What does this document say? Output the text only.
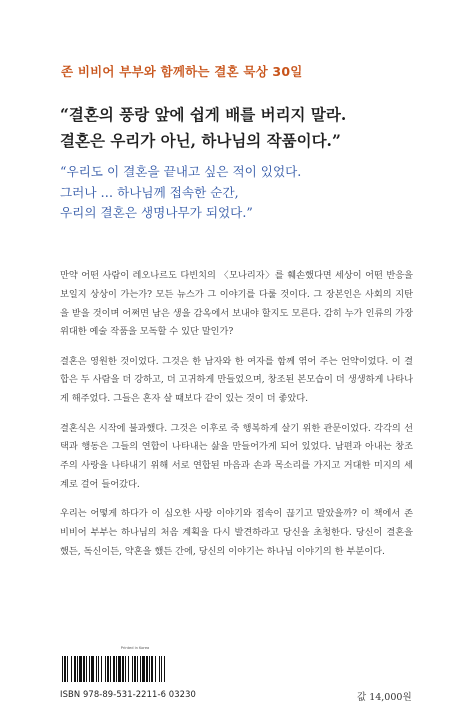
존 비비어 부부와 함께하는 결혼 묵상 30일
“결혼의 풍랑 앞에 쉽게 배를 버리지 말라.
결혼은 우리가 아닌, 하나님의 작품이다.”
“우리도 이 결혼을 끝내고 싶은 적이 있었다.
그러나 … 하나님께 접속한 순간,
우리의 결혼은 생명나무가 되었다.”

만약 어떤 사람이 레오나르도 다빈치의 〈모나리자〉를 훼손했다면 세상이 어떤 반응을 보일지 상상이 가는가? 모든 뉴스가 그 이야기를 다룰 것이다. 그 장본인은 사회의 지탄을 받을 것이며 어쩌면 남은 생을 감옥에서 보내야 할지도 모른다. 감히 누가 인류의 가장 위대한 예술 작품을 모독할 수 있단 말인가?

결혼은 영원한 것이었다. 그것은 한 남자와 한 여자를 함께 엮어 주는 언약이었다. 이 결합은 두 사람을 더 강하고, 더 고귀하게 만들었으며, 창조된 본모습이 더 생생하게 나타나게 해주었다. 그들은 혼자 살 때보다 같이 있는 것이 더 좋았다.

결혼식은 시작에 불과했다. 그것은 이후로 죽 행복하게 살기 위한 관문이었다. 각각의 선택과 행동은 그들의 연합이 나타내는 삶을 만들어가게 되어 있었다. 남편과 아내는 창조주의 사랑을 나타내기 위해 서로 연합된 마음과 손과 목소리를 가지고 거대한 미지의 세계로 걸어 들어갔다.

우리는 어떻게 하다가 이 심오한 사랑 이야기와 접속이 끊기고 말았을까? 이 책에서 존 비비어 부부는 하나님의 처음 계획을 다시 발견하라고 당신을 초청한다. 당신이 결혼을 했든, 독신이든, 약혼을 했든 간에, 당신의 이야기는 하나님 이야기의 한 부분이다.

Printed in Korea
ISBN 978-89-531-2211-6 03230	값 14,000원
